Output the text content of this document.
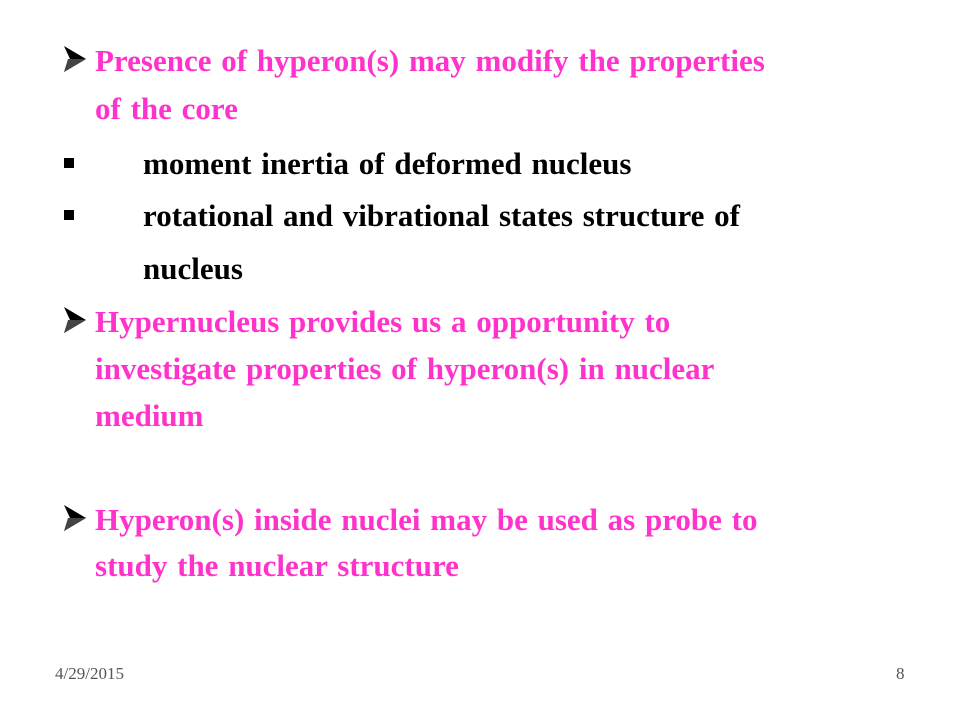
Presence of hyperon(s) may modify the properties
of the core
moment inertia of deformed nucleus
rotational and vibrational states structure of
nucleus
Hypernucleus provides us a opportunity to
investigate properties of hyperon(s) in nuclear
medium
Hyperon(s) inside nuclei may be used as probe to
study the nuclear structure
4/29/2015	8
